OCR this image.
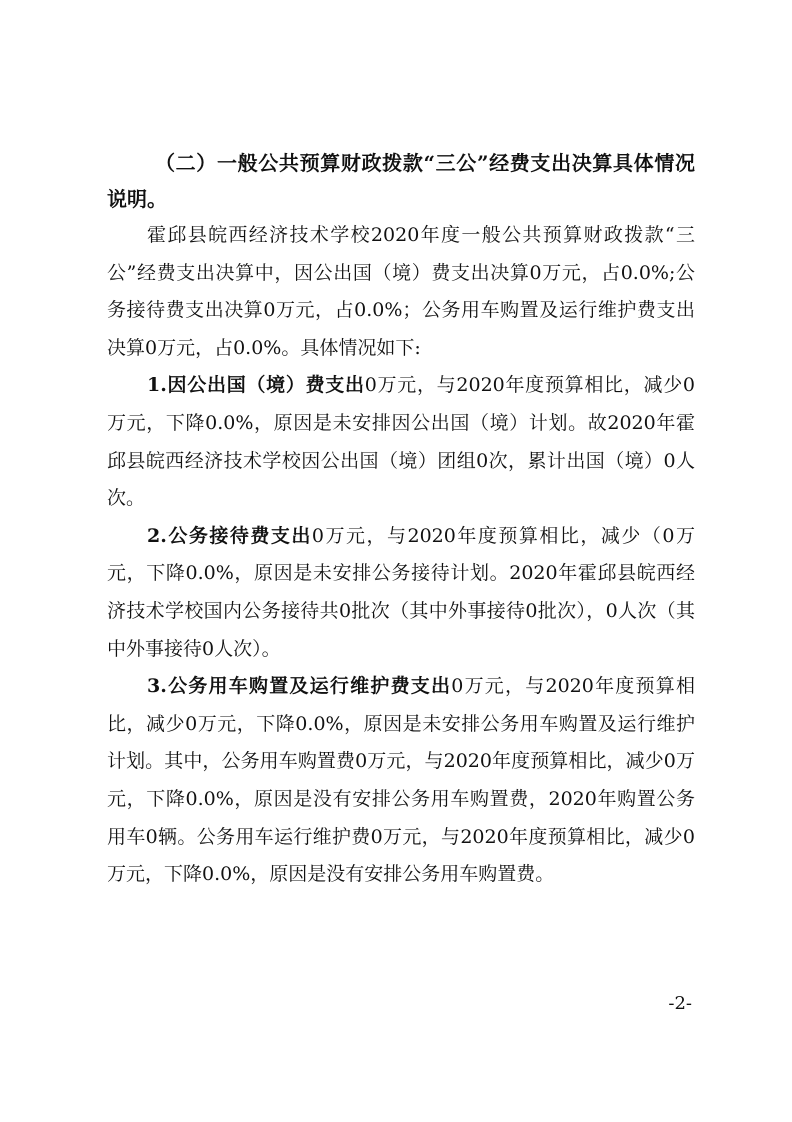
（二）一般公共预算财政拨款“三公”经费支出决算具体情况说明。

霍邱县皖西经济技术学校2020年度一般公共预算财政拨款“三公”经费支出决算中，因公出国（境）费支出决算0万元，占0.0%;公务接待费支出决算0万元，占0.0%；公务用车购置及运行维护费支出决算0万元，占0.0%。具体情况如下:

1.因公出国（境）费支出0万元，与2020年度预算相比，减少0万元，下降0.0%，原因是未安排因公出国（境）计划。故2020年霍邱县皖西经济技术学校因公出国（境）团组0次，累计出国（境）0人次。

2.公务接待费支出0万元，与2020年度预算相比，减少（0万元，下降0.0%，原因是未安排公务接待计划。2020年霍邱县皖西经济技术学校国内公务接待共0批次（其中外事接待0批次），0人次（其中外事接待0人次）。

3.公务用车购置及运行维护费支出0万元，与2020年度预算相比，减少0万元，下降0.0%，原因是未安排公务用车购置及运行维护计划。其中，公务用车购置费0万元，与2020年度预算相比，减少0万元，下降0.0%，原因是没有安排公务用车购置费，2020年购置公务用车0辆。公务用车运行维护费0万元，与2020年度预算相比，减少0万元，下降0.0%，原因是没有安排公务用车购置费。

-2-
